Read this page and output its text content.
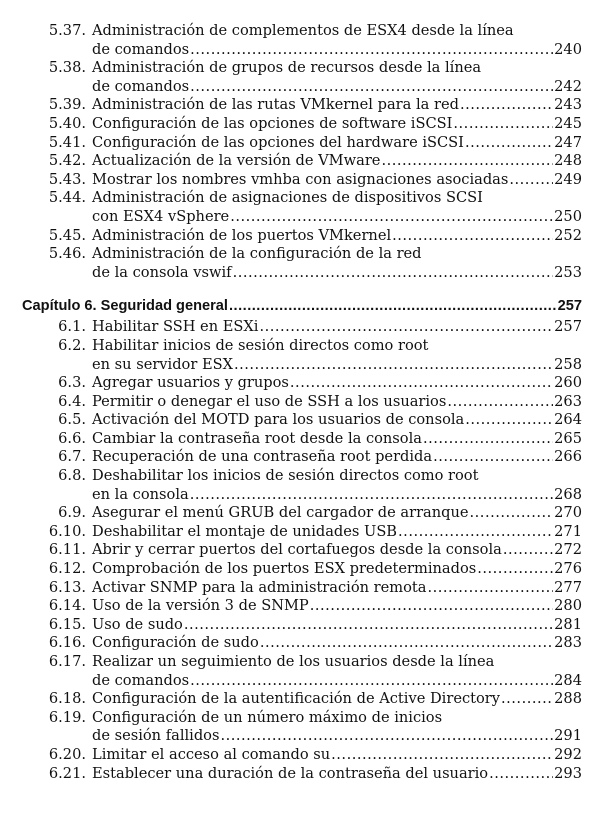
5.37. Administración de complementos de ESX4 desde la línea
de comandos .....	240
5.38. Administración de grupos de recursos desde la línea
de comandos .....	242
5.39. Administración de las rutas VMkernel para la red .....	243
5.40. Configuración de las opciones de software iSCSI .....	245
5.41. Configuración de las opciones del hardware iSCSI .....	247
5.42. Actualización de la versión de VMware .....	248
5.43. Mostrar los nombres vmhba con asignaciones asociadas .....	249
5.44. Administración de asignaciones de dispositivos SCSI
con ESX4 vSphere .....	250
5.45. Administración de los puertos VMkernel .....	252
5.46. Administración de la configuración de la red
de la consola vswif .....	253
Capítulo 6. Seguridad general .....	257
6.1. Habilitar SSH en ESXi .....	257
6.2. Habilitar inicios de sesión directos como root
en su servidor ESX .....	258
6.3. Agregar usuarios y grupos .....	260
6.4. Permitir o denegar el uso de SSH a los usuarios .....	263
6.5. Activación del MOTD para los usuarios de consola .....	264
6.6. Cambiar la contraseña root desde la consola .....	265
6.7. Recuperación de una contraseña root perdida .....	266
6.8. Deshabilitar los inicios de sesión directos como root
en la consola .....	268
6.9. Asegurar el menú GRUB del cargador de arranque .....	270
6.10. Deshabilitar el montaje de unidades USB .....	271
6.11. Abrir y cerrar puertos del cortafuegos desde la consola .....	272
6.12. Comprobación de los puertos ESX predeterminados .....	276
6.13. Activar SNMP para la administración remota .....	277
6.14. Uso de la versión 3 de SNMP .....	280
6.15. Uso de sudo .....	281
6.16. Configuración de sudo .....	283
6.17. Realizar un seguimiento de los usuarios desde la línea
de comandos .....	284
6.18. Configuración de la autentificación de Active Directory .....	288
6.19. Configuración de un número máximo de inicios
de sesión fallidos .....	291
6.20. Limitar el acceso al comando su .....	292
6.21. Establecer una duración de la contraseña del usuario .....	293
